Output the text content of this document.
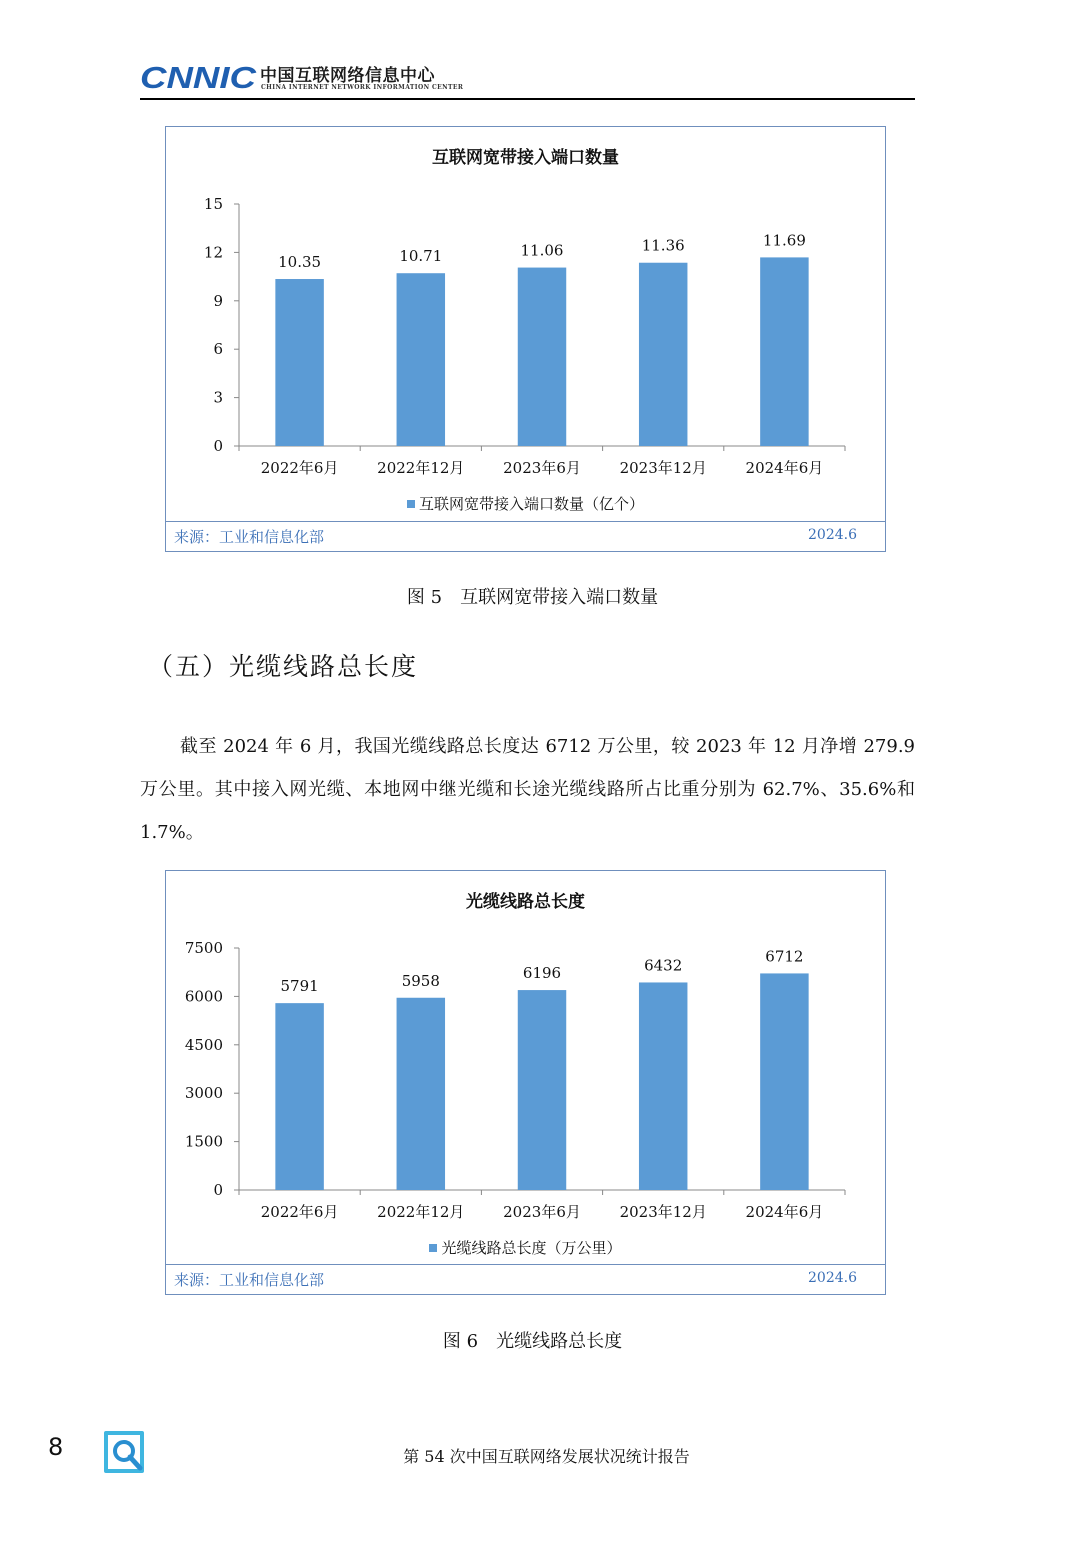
CNNIC 中国互联网络信息中心
CHINA INTERNET NETWORK INFORMATION CENTER
互联网宽带接入端口数量
0
3
6
9
12
15
10.35
2022年6月
10.71
2022年12月
11.06
2023年6月
11.36
2023年12月
11.69
2024年6月
互联网宽带接入端口数量（亿个）
来源：工业和信息化部	2024.6
图 5　互联网宽带接入端口数量
（五）光缆线路总长度
截至 2024 年 6 月，我国光缆线路总长度达 6712 万公里，较 2023 年 12 月净增 279.9 万公里。其中接入网光缆、本地网中继光缆和长途光缆线路所占比重分别为 62.7%、35.6%和 1.7%。
光缆线路总长度
0
1500
3000
4500
6000
7500
5791
2022年6月
5958
2022年12月
6196
2023年6月
6432
2023年12月
6712
2024年6月
光缆线路总长度（万公里）
来源：工业和信息化部	2024.6
图 6　光缆线路总长度
8	第 54 次中国互联网络发展状况统计报告
